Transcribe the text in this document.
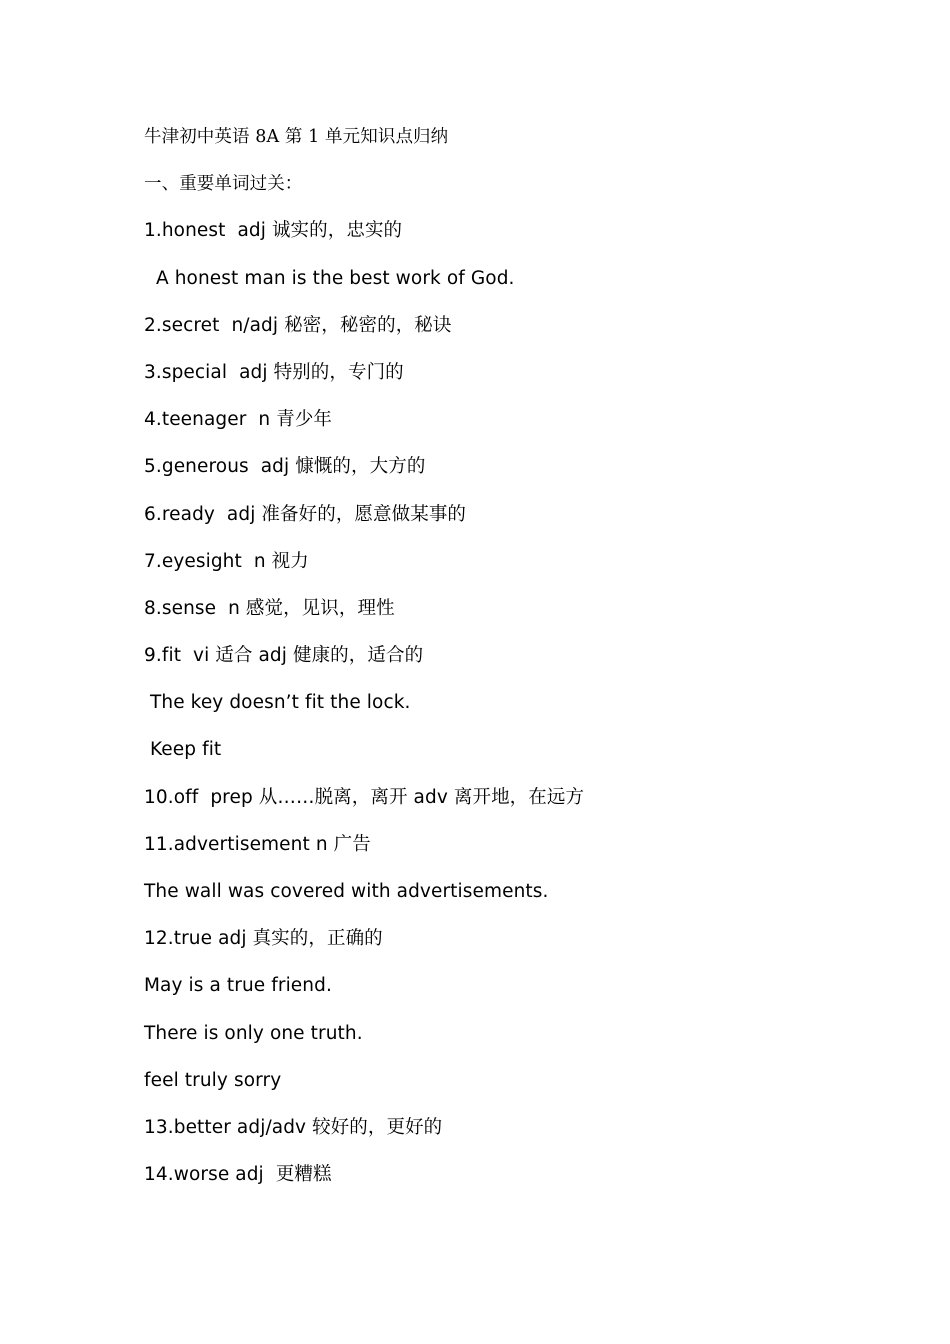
牛津初中英语 8A 第 1 单元知识点归纳
一、重要单词过关：
1.honest  adj 诚实的，忠实的
A honest man is the best work of God.
2.secret  n/adj 秘密，秘密的，秘诀
3.special  adj 特别的，专门的
4.teenager  n 青少年
5.generous  adj 慷慨的，大方的
6.ready  adj 准备好的，愿意做某事的
7.eyesight  n 视力
8.sense  n 感觉，见识，理性
9.fit  vi 适合 adj 健康的，适合的
The key doesn’t fit the lock.
Keep fit
10.off  prep 从……脱离，离开 adv 离开地，在远方
11.advertisement n 广告
The wall was covered with advertisements.
12.true adj 真实的，正确的
May is a true friend.
There is only one truth.
feel truly sorry
13.better adj/adv 较好的，更好的
14.worse adj  更糟糕
